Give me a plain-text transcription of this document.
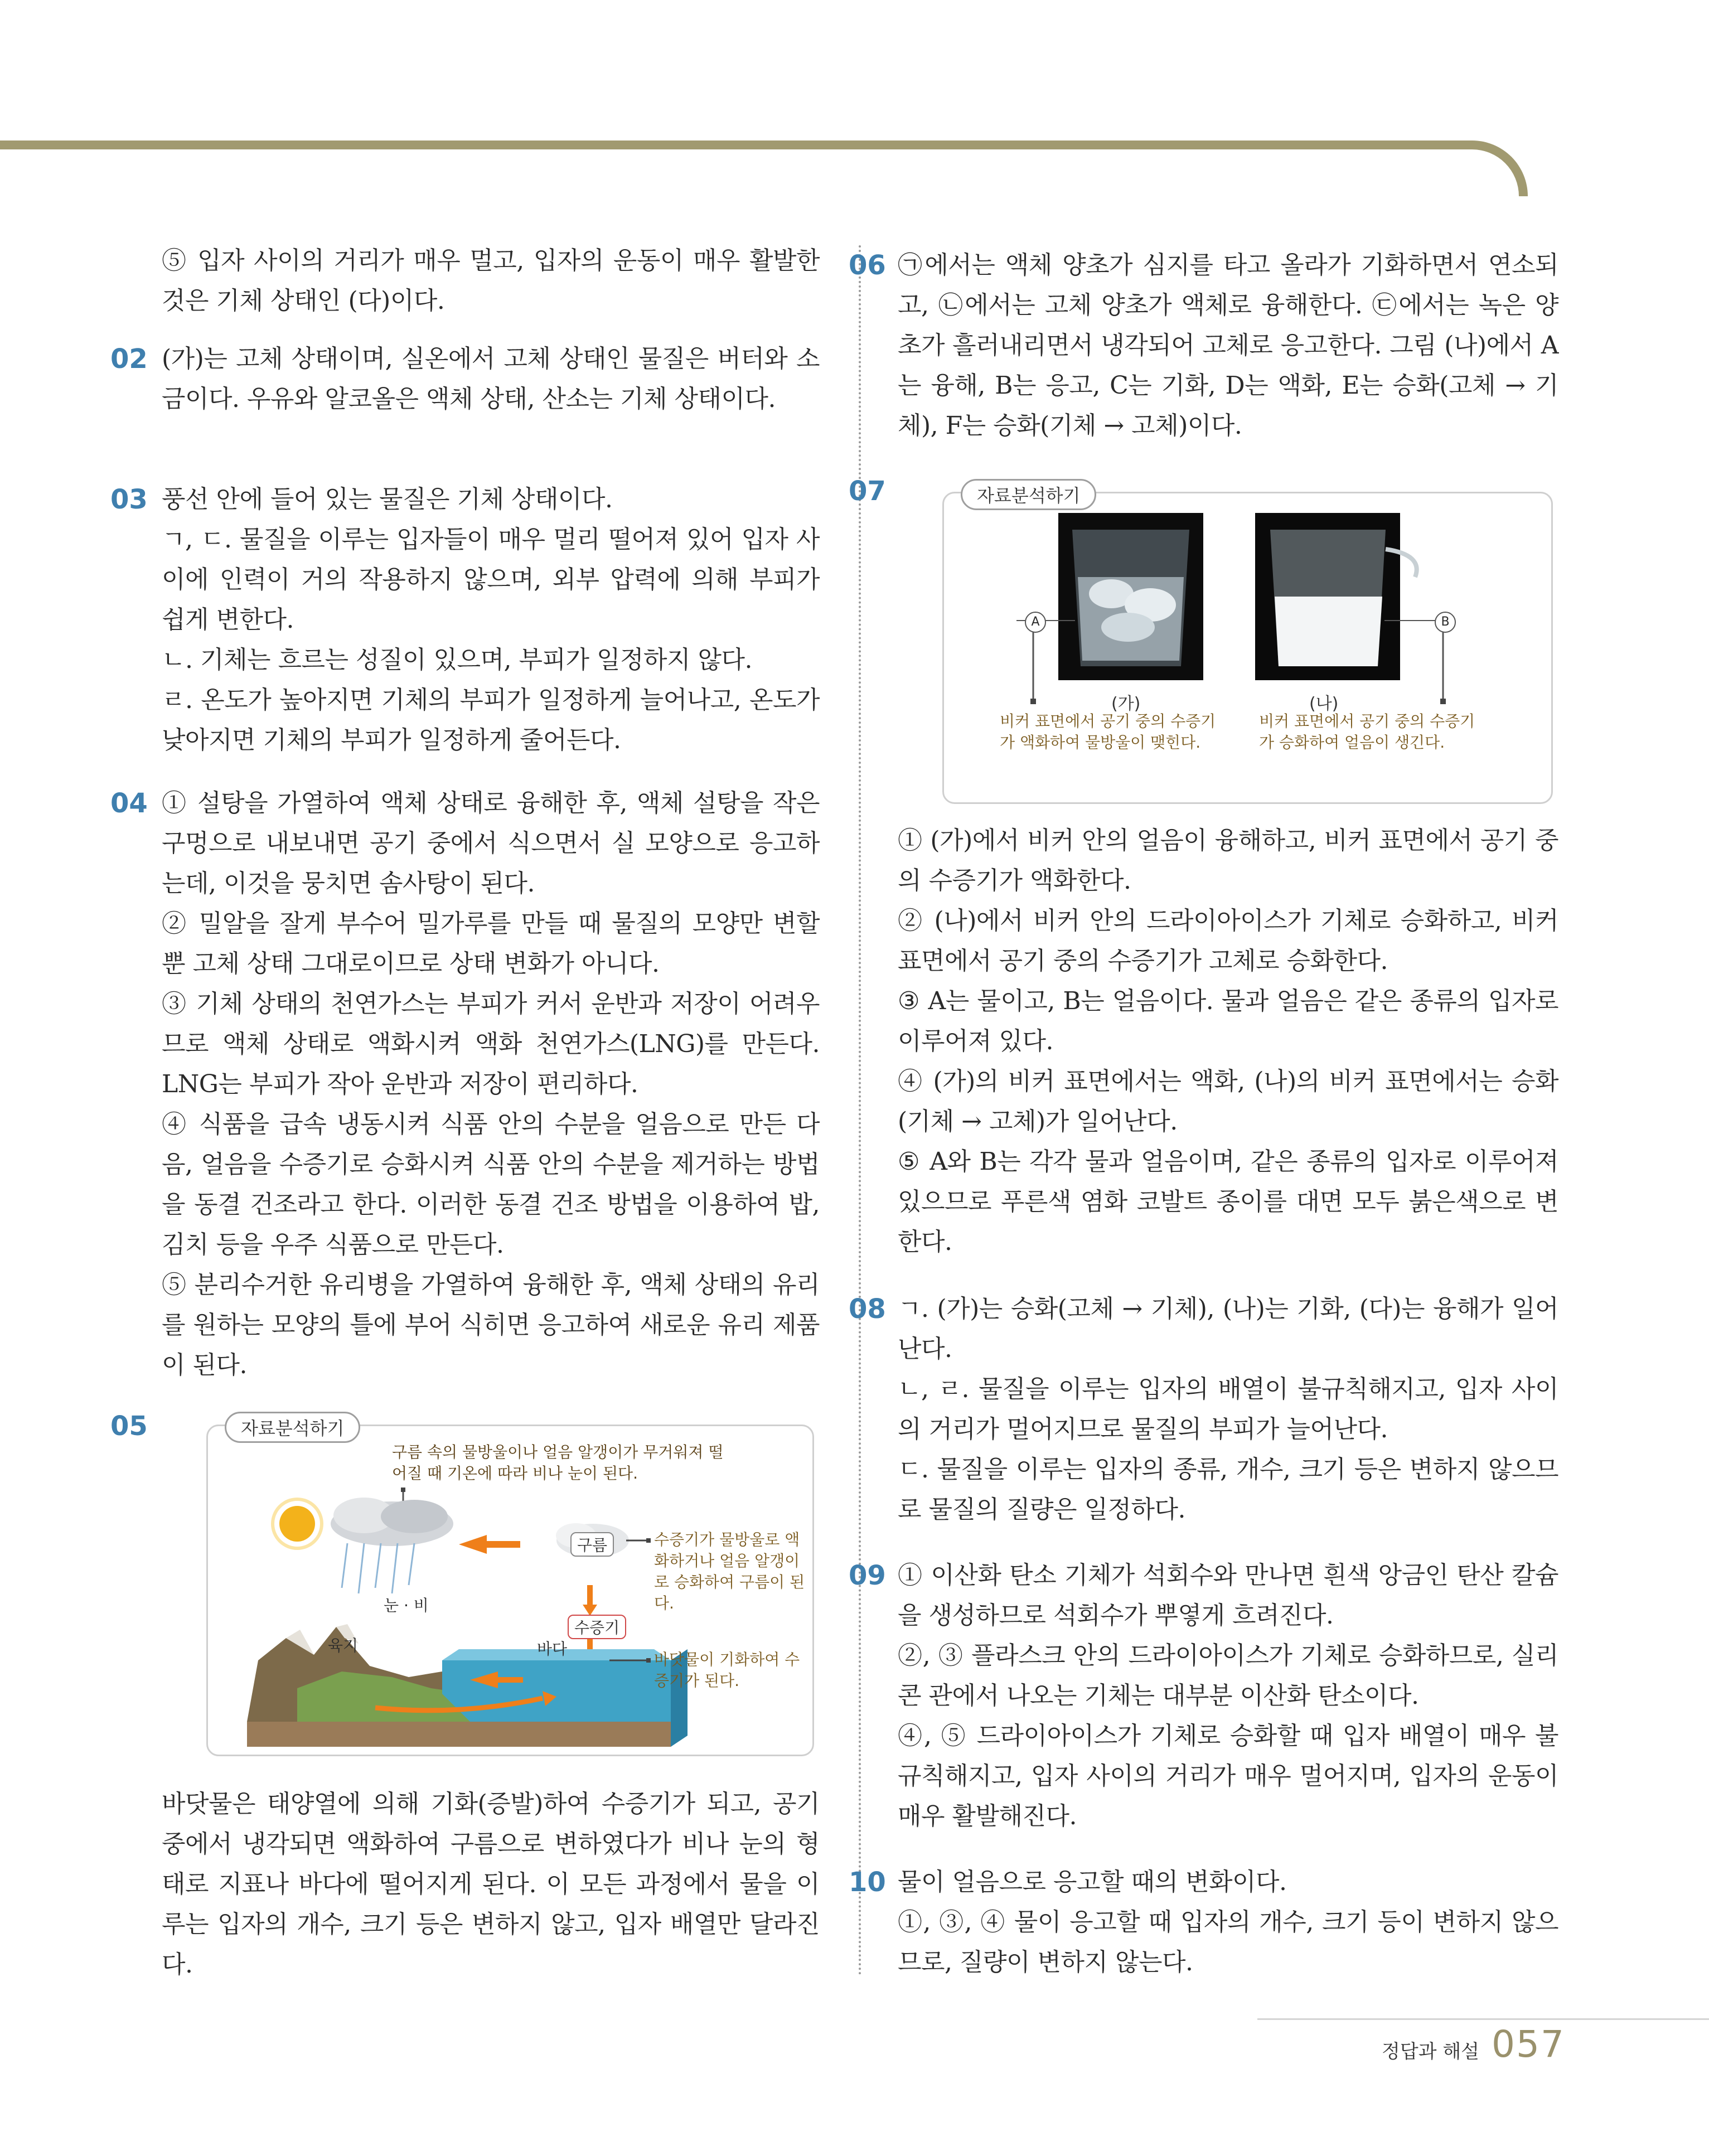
⑤ 입자 사이의 거리가 매우 멀고, 입자의 운동이 매우 활발한 것은 기체 상태인 (다)이다.

02 (가)는 고체 상태이며, 실온에서 고체 상태인 물질은 버터와 소금이다. 우유와 알코올은 액체 상태, 산소는 기체 상태이다.

03 풍선 안에 들어 있는 물질은 기체 상태이다.

ㄱ, ㄷ. 물질을 이루는 입자들이 매우 멀리 떨어져 있어 입자 사이에 인력이 거의 작용하지 않으며, 외부 압력에 의해 부피가 쉽게 변한다.

ㄴ. 기체는 흐르는 성질이 있으며, 부피가 일정하지 않다.

ㄹ. 온도가 높아지면 기체의 부피가 일정하게 늘어나고, 온도가 낮아지면 기체의 부피가 일정하게 줄어든다.

04 ① 설탕을 가열하여 액체 상태로 융해한 후, 액체 설탕을 작은 구멍으로 내보내면 공기 중에서 식으면서 실 모양으로 응고하는데, 이것을 뭉치면 솜사탕이 된다.

② 밀알을 잘게 부수어 밀가루를 만들 때 물질의 모양만 변할 뿐 고체 상태 그대로이므로 상태 변화가 아니다.

③ 기체 상태의 천연가스는 부피가 커서 운반과 저장이 어려우므로 액체 상태로 액화시켜 액화 천연가스(LNG)를 만든다. LNG는 부피가 작아 운반과 저장이 편리하다.

④ 식품을 급속 냉동시켜 식품 안의 수분을 얼음으로 만든 다음, 얼음을 수증기로 승화시켜 식품 안의 수분을 제거하는 방법을 동결 건조라고 한다. 이러한 동결 건조 방법을 이용하여 밥, 김치 등을 우주 식품으로 만든다.

⑤ 분리수거한 유리병을 가열하여 융해한 후, 액체 상태의 유리를 원하는 모양의 틀에 부어 식히면 응고하여 새로운 유리 제품이 된다.

05	자료분석하기
구름 속의 물방울이나 얼음 알갱이가 무거워져 떨어질 때 기온에 따라 비나 눈이 된다.
구름
수증기
눈 · 비
육지	바다
수증기가 물방울로 액화하거나 얼음 알갱이로 승화하여 구름이 된다.
바닷물이 기화하여 수증기가 된다.

바닷물은 태양열에 의해 기화(증발)하여 수증기가 되고, 공기 중에서 냉각되면 액화하여 구름으로 변하였다가 비나 눈의 형태로 지표나 바다에 떨어지게 된다. 이 모든 과정에서 물을 이루는 입자의 개수, 크기 등은 변하지 않고, 입자 배열만 달라진다.

06 ㉠에서는 액체 양초가 심지를 타고 올라가 기화하면서 연소되고, ㉡에서는 고체 양초가 액체로 융해한다. ㉢에서는 녹은 양초가 흘러내리면서 냉각되어 고체로 응고한다. 그림 (나)에서 A는 융해, B는 응고, C는 기화, D는 액화, E는 승화(고체 → 기체), F는 승화(기체 → 고체)이다.

07	자료분석하기
A	B
(가)
비커 표면에서 공기 중의 수증기가 액화하여 물방울이 맺힌다.
(나)
비커 표면에서 공기 중의 수증기가 승화하여 얼음이 생긴다.

① (가)에서 비커 안의 얼음이 융해하고, 비커 표면에서 공기 중의 수증기가 액화한다.

② (나)에서 비커 안의 드라이아이스가 기체로 승화하고, 비커 표면에서 공기 중의 수증기가 고체로 승화한다.

③ A는 물이고, B는 얼음이다. 물과 얼음은 같은 종류의 입자로 이루어져 있다.

④ (가)의 비커 표면에서는 액화, (나)의 비커 표면에서는 승화(기체 → 고체)가 일어난다.

⑤ A와 B는 각각 물과 얼음이며, 같은 종류의 입자로 이루어져 있으므로 푸른색 염화 코발트 종이를 대면 모두 붉은색으로 변한다.

08 ㄱ. (가)는 승화(고체 → 기체), (나)는 기화, (다)는 융해가 일어난다.

ㄴ, ㄹ. 물질을 이루는 입자의 배열이 불규칙해지고, 입자 사이의 거리가 멀어지므로 물질의 부피가 늘어난다.

ㄷ. 물질을 이루는 입자의 종류, 개수, 크기 등은 변하지 않으므로 물질의 질량은 일정하다.

09 ① 이산화 탄소 기체가 석회수와 만나면 흰색 앙금인 탄산 칼슘을 생성하므로 석회수가 뿌옇게 흐려진다.

②, ③ 플라스크 안의 드라이아이스가 기체로 승화하므로, 실리콘 관에서 나오는 기체는 대부분 이산화 탄소이다.

④, ⑤ 드라이아이스가 기체로 승화할 때 입자 배열이 매우 불규칙해지고, 입자 사이의 거리가 매우 멀어지며, 입자의 운동이 매우 활발해진다.

10 물이 얼음으로 응고할 때의 변화이다.

①, ③, ④ 물이 응고할 때 입자의 개수, 크기 등이 변하지 않으므로, 질량이 변하지 않는다.

정답과 해설 057
